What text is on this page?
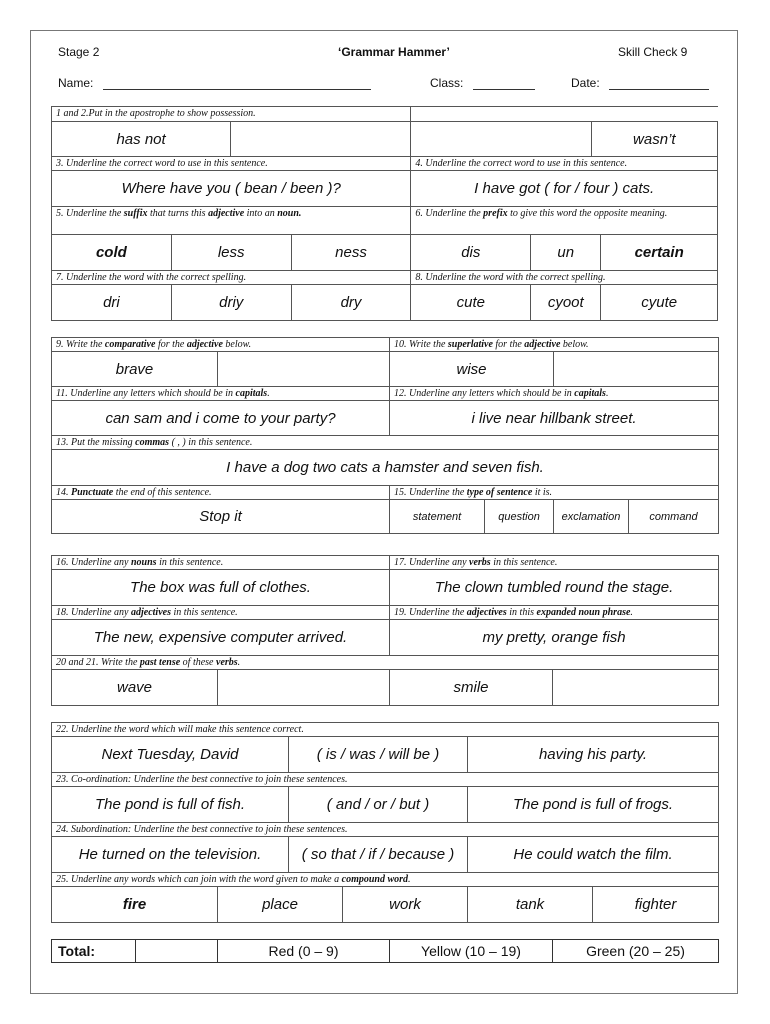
Stage 2	‘Grammar Hammer’	Skill Check 9
Name:	Class:	Date:
1 and 2.Put in the apostrophe to show possession.							
has not						wasn’t	
3. Underline the correct word to use in this sentence.				4. Underline the correct word to use in this sentence.			
Where have you ( bean / been )?				I have got ( for / four ) cats.			
5. Underline the suffix that turns this adjective into an noun.				6. Underline the prefix to give this word the opposite meaning.			
cold	less		ness	dis	un		certain
7. Underline the word with the correct spelling.				8. Underline the word with the correct spelling.			
dri	driy		dry	cute	cyoot		cyute
9. Write the comparative for the adjective below.		10. Write the superlative for the adjective below.			
brave		wise			
11. Underline any letters which should be in capitals.		12. Underline any letters which should be in capitals.			
can sam and i come to your party?		i live near hillbank street.			
13. Put the missing commas ( , ) in this sentence.					
I have a dog two cats a hamster and seven fish.					
14. Punctuate the end of this sentence.		15. Underline the type of sentence it is.			
Stop it		statement	question	exclamation	command
16. Underline any nouns in this sentence.		17. Underline any verbs in this sentence.	
The box was full of clothes.		The clown tumbled round the stage.	
18. Underline any adjectives in this sentence.		19. Underline the adjectives in this expanded noun phrase.	
The new, expensive computer arrived.		my pretty, orange fish	
20 and 21. Write the past tense of these verbs.			
wave		smile	
22. Underline the word which will make this sentence correct.					
Next Tuesday, David		( is / was / will be )		having his party.	
23. Co-ordination: Underline the best connective to join these sentences.					
The pond is full of fish.		( and / or / but )		The pond is full of frogs.	
24. Subordination: Underline the best connective to join these sentences.					
He turned on the television.		( so that / if / because )		He could watch the film.	
25. Underline any words which can join with the word given to make a compound word.					
fire	place		work	tank	fighter
Total:		Red (0 – 9)	Yellow (10 – 19)	Green (20 – 25)
